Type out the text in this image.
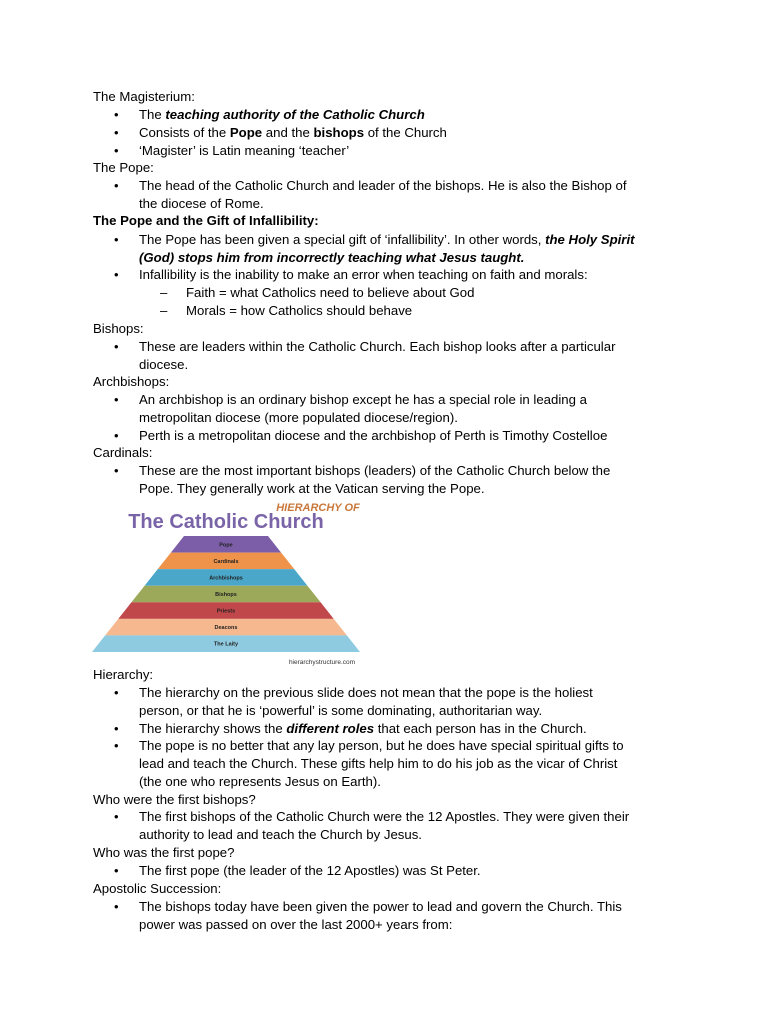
The Magisterium:
• The teaching authority of the Catholic Church
• Consists of the Pope and the bishops of the Church
• ‘Magister’ is Latin meaning ‘teacher’
The Pope:
• The head of the Catholic Church and leader of the bishops. He is also the Bishop of
the diocese of Rome.
The Pope and the Gift of Infallibility:
• The Pope has been given a special gift of ‘infallibility’. In other words, the Holy Spirit
(God) stops him from incorrectly teaching what Jesus taught.
• Infallibility is the inability to make an error when teaching on faith and morals:
– Faith = what Catholics need to believe about God
– Morals = how Catholics should behave
Bishops:
• These are leaders within the Catholic Church. Each bishop looks after a particular
diocese.
Archbishops:
• An archbishop is an ordinary bishop except he has a special role in leading a
metropolitan diocese (more populated diocese/region).
• Perth is a metropolitan diocese and the archbishop of Perth is Timothy Costelloe
Cardinals:
• These are the most important bishops (leaders) of the Catholic Church below the
Pope. They generally work at the Vatican serving the Pope.
HIERARCHY OF
The Catholic Church
Pope
Cardinals
Archbishops
Bishops
Priests
Deacons
The Laity
hierarchystructure.com
Hierarchy:
• The hierarchy on the previous slide does not mean that the pope is the holiest
person, or that he is ‘powerful’ is some dominating, authoritarian way.
• The hierarchy shows the different roles that each person has in the Church.
• The pope is no better that any lay person, but he does have special spiritual gifts to
lead and teach the Church. These gifts help him to do his job as the vicar of Christ
(the one who represents Jesus on Earth).
Who were the first bishops?
• The first bishops of the Catholic Church were the 12 Apostles. They were given their
authority to lead and teach the Church by Jesus.
Who was the first pope?
• The first pope (the leader of the 12 Apostles) was St Peter.
Apostolic Succession:
• The bishops today have been given the power to lead and govern the Church. This
power was passed on over the last 2000+ years from:
